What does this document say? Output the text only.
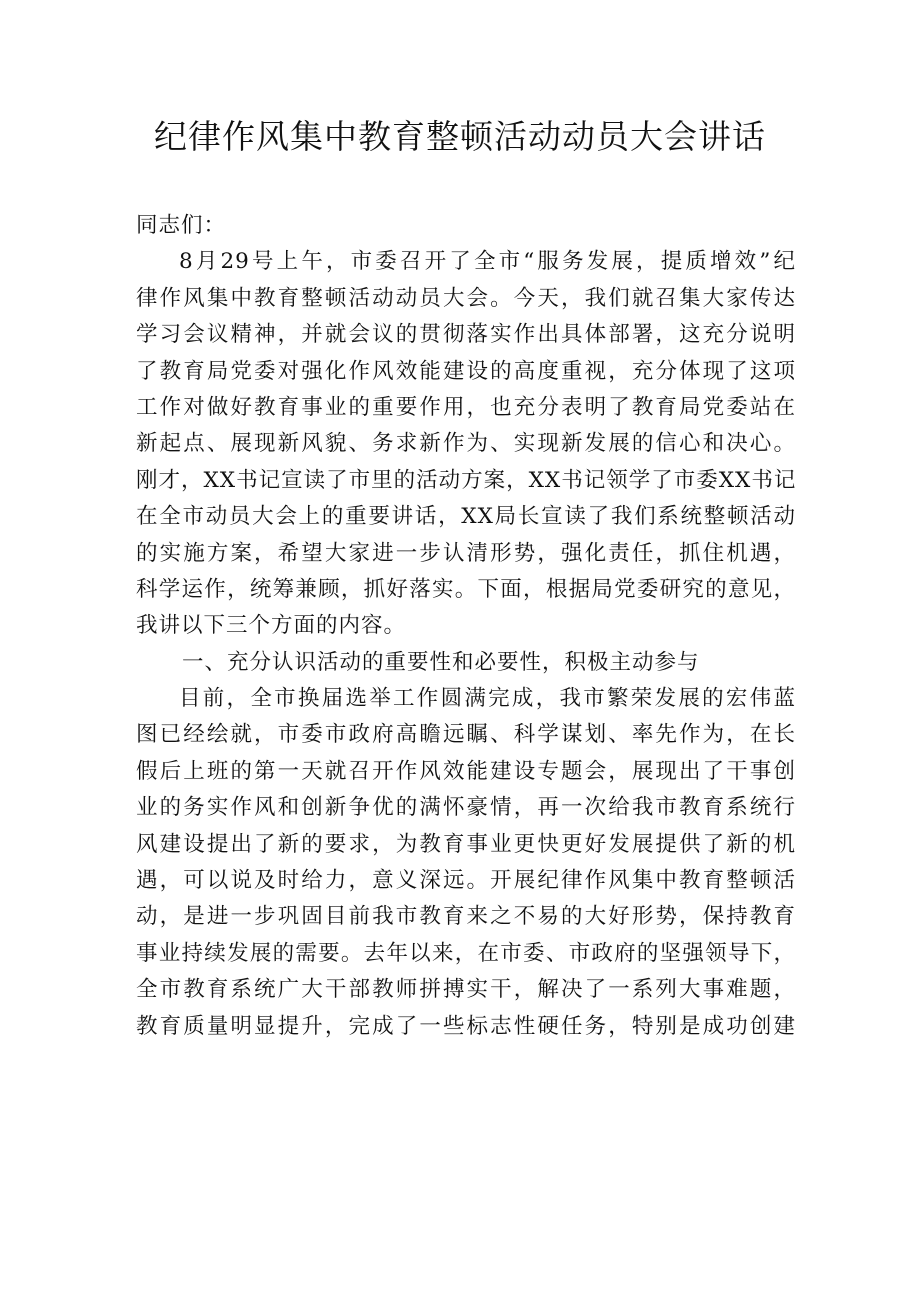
纪律作风集中教育整顿活动动员大会讲话
同志们：
8月29号上午，市委召开了全市“服务发展，提质增效”纪
律作风集中教育整顿活动动员大会。今天，我们就召集大家传达
学习会议精神，并就会议的贯彻落实作出具体部署，这充分说明
了教育局党委对强化作风效能建设的高度重视，充分体现了这项
工作对做好教育事业的重要作用，也充分表明了教育局党委站在
新起点、展现新风貌、务求新作为、实现新发展的信心和决心。
刚才，XX书记宣读了市里的活动方案，XX书记领学了市委XX书记
在全市动员大会上的重要讲话，XX局长宣读了我们系统整顿活动
的实施方案，希望大家进一步认清形势，强化责任，抓住机遇，
科学运作，统筹兼顾，抓好落实。下面，根据局党委研究的意见，
我讲以下三个方面的内容。
一、充分认识活动的重要性和必要性，积极主动参与
目前，全市换届选举工作圆满完成，我市繁荣发展的宏伟蓝
图已经绘就，市委市政府高瞻远瞩、科学谋划、率先作为，在长
假后上班的第一天就召开作风效能建设专题会，展现出了干事创
业的务实作风和创新争优的满怀豪情，再一次给我市教育系统行
风建设提出了新的要求，为教育事业更快更好发展提供了新的机
遇，可以说及时给力，意义深远。开展纪律作风集中教育整顿活
动，是进一步巩固目前我市教育来之不易的大好形势，保持教育
事业持续发展的需要。去年以来，在市委、市政府的坚强领导下，
全市教育系统广大干部教师拼搏实干，解决了一系列大事难题，
教育质量明显提升，完成了一些标志性硬任务，特别是成功创建
